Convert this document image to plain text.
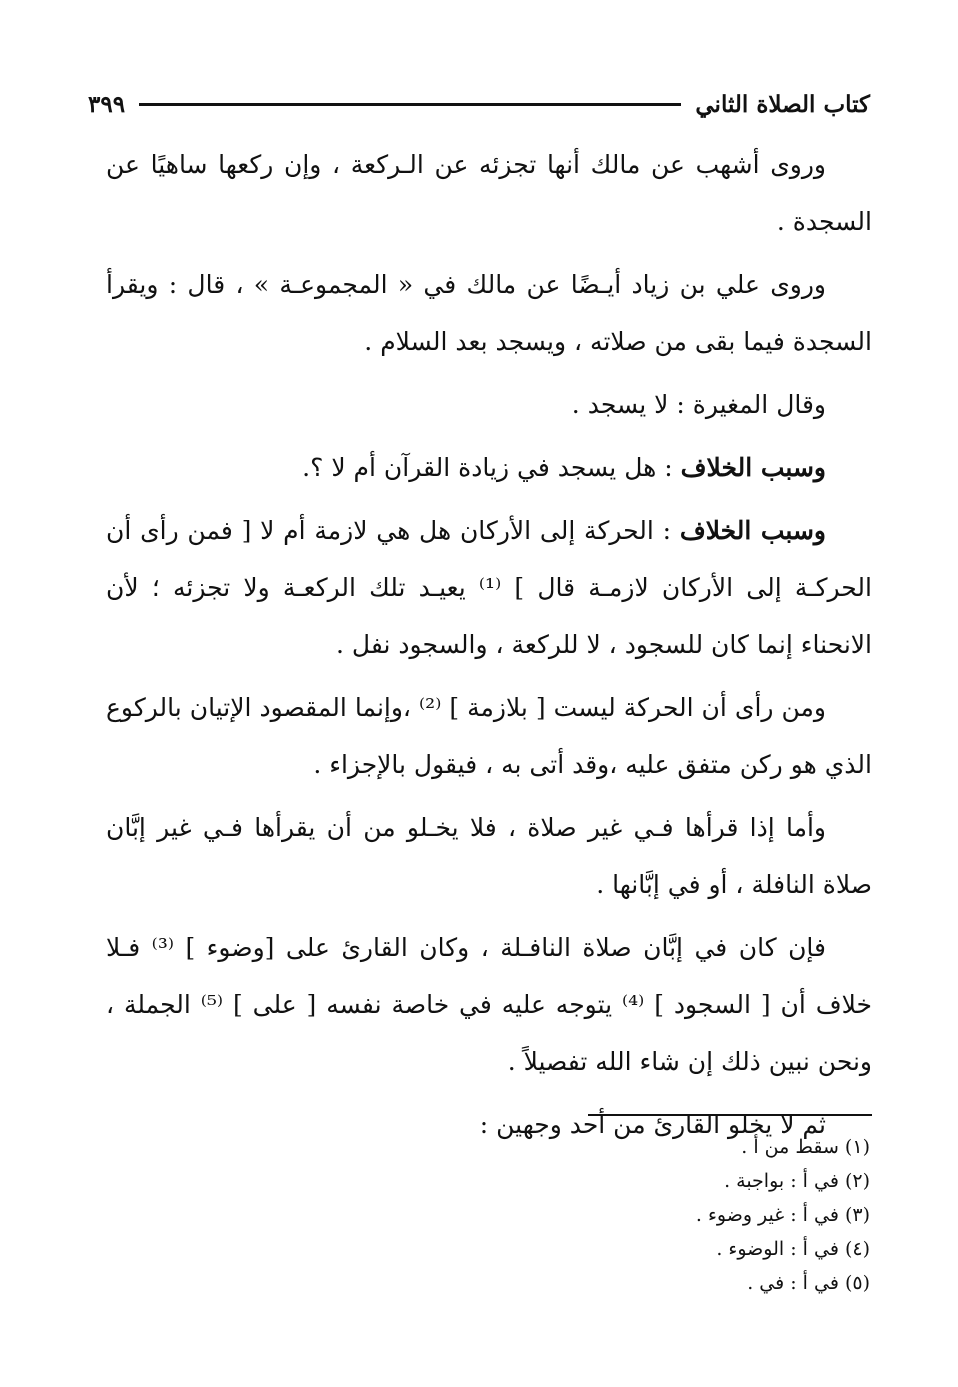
كتاب الصلاة الثاني
٣٩٩

وروى أشهب عن مالك أنها تجزئه عن الـركعة ، وإن ركعها ساهيًا عن السجدة .

وروى علي بن زياد أيـضًا عن مالك في « المجموعـة » ، قال : ويقرأ السجدة فيما بقى من صلاته ، ويسجد بعد السلام .

وقال المغيرة : لا يسجد .

وسبب الخلاف : هل يسجد في زيادة القرآن أم لا ؟.

وسبب الخلاف : الحركة إلى الأركان هل هي لازمة أم لا [ فمن رأى أن الحركـة إلى الأركان لازمـة قال ] ⁽¹⁾ يعيـد تلك الركعـة ولا تجزئه ؛ لأن الانحناء إنما كان للسجود ، لا للركعة ، والسجود نفل .

ومن رأى أن الحركة ليست [ بلازمة ] ⁽²⁾ ،وإنما المقصود الإتيان بالركوع الذي هو ركن متفق عليه ،وقد أتى به ، فيقول بالإجزاء .

وأما إذا قرأها فـي غير صلاة ، فلا يخـلو من أن يقرأها فـي غير إبَّان صلاة النافلة ، أو في إبَّانها .

فإن كان في إبَّان صلاة النافـلة ، وكان القارئ على [وضوء ] ⁽³⁾ فـلا خلاف أن [ السجود ] ⁽⁴⁾ يتوجه عليه في خاصة نفسه [ على ] ⁽⁵⁾ الجملة ، ونحن نبين ذلك إن شاء الله تفصيلاً .

ثم لا يخلو القارئ من أحد وجهين :

(١) سقط من أ .

(٢) في أ : بواجبة .

(٣) في أ : غير وضوء .

(٤) في أ : الوضوء .

(٥) في أ : في .
